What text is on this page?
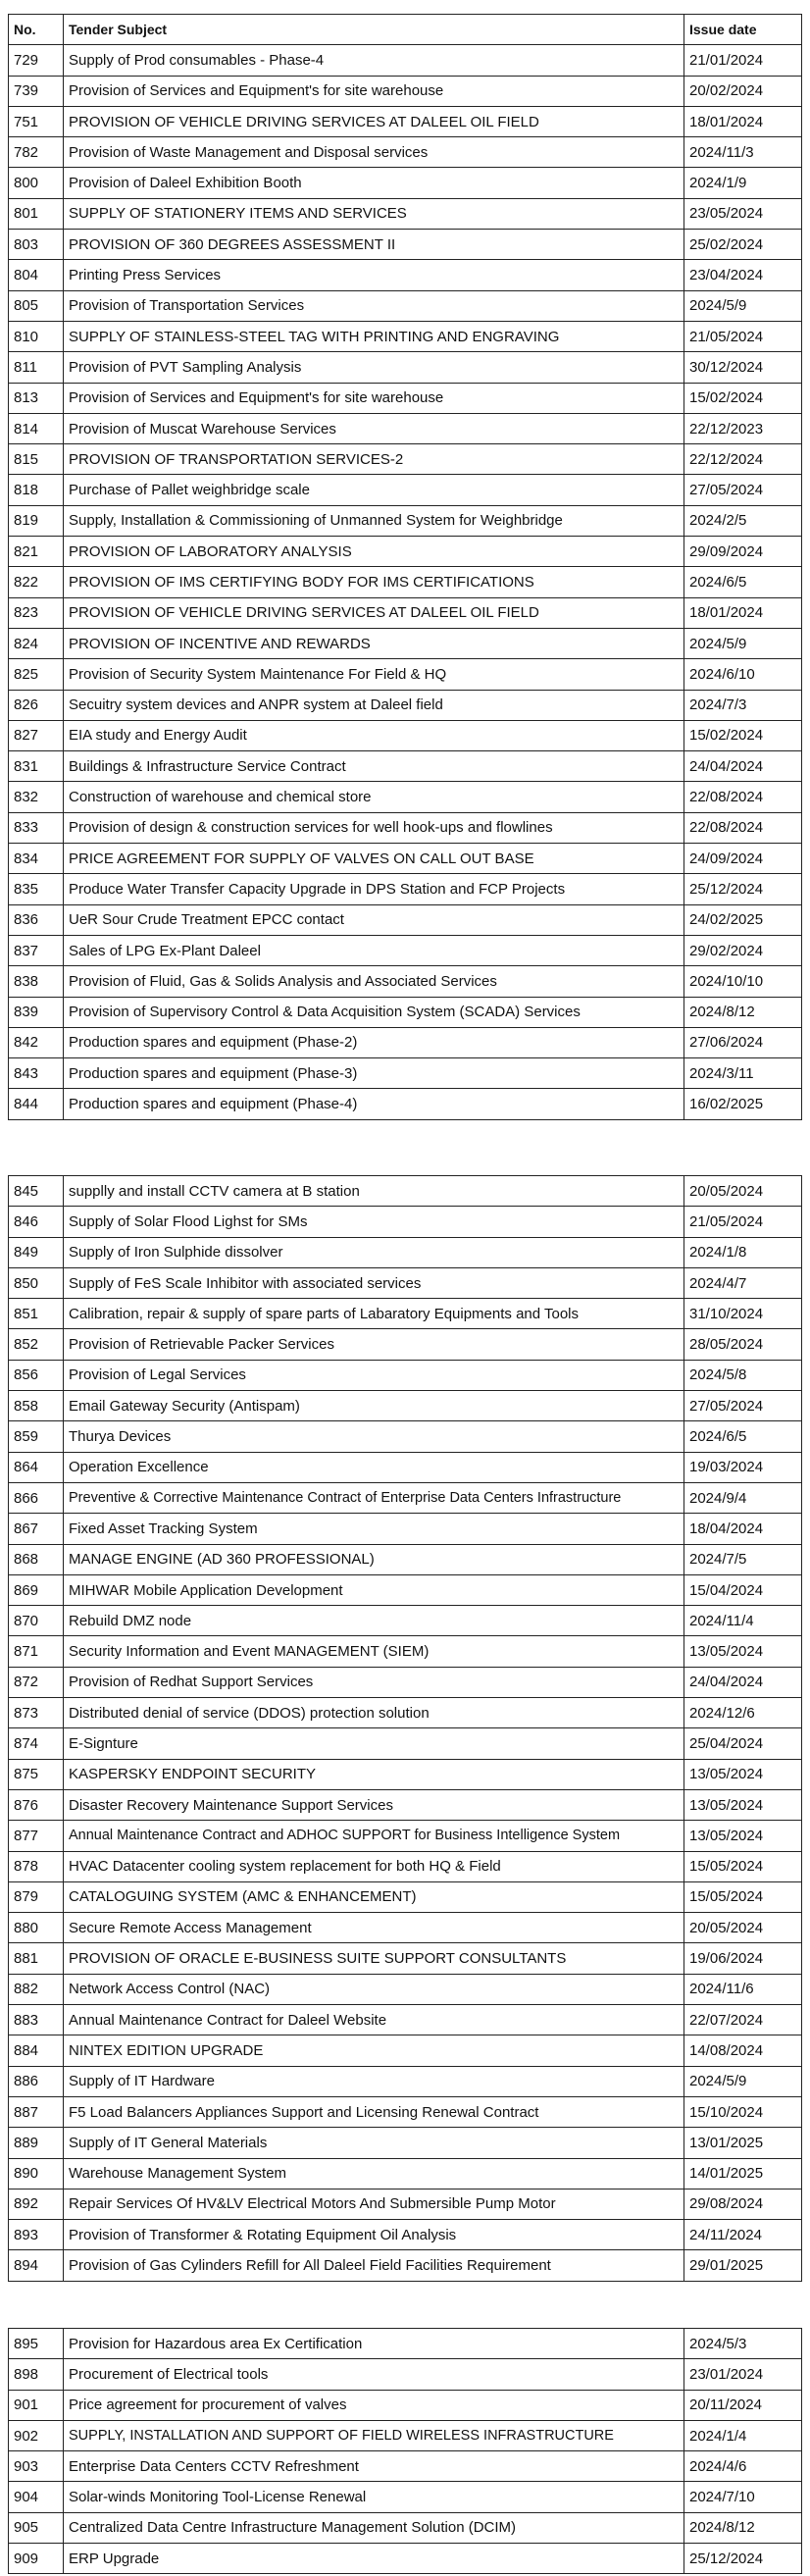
No.	Tender Subject	Issue date
729	Supply of Prod consumables - Phase-4	21/01/2024
739	Provision of Services and Equipment's for site warehouse	20/02/2024
751	PROVISION OF VEHICLE DRIVING SERVICES AT DALEEL OIL FIELD	18/01/2024
782	Provision of Waste Management and Disposal services	2024/11/3
800	Provision of Daleel Exhibition Booth	2024/1/9
801	SUPPLY OF STATIONERY ITEMS AND SERVICES	23/05/2024
803	PROVISION OF 360 DEGREES ASSESSMENT II	25/02/2024
804	Printing Press Services	23/04/2024
805	Provision of Transportation Services	2024/5/9
810	SUPPLY OF STAINLESS-STEEL TAG WITH PRINTING AND ENGRAVING	21/05/2024
811	Provision of PVT Sampling Analysis	30/12/2024
813	Provision of Services and Equipment's for site warehouse	15/02/2024
814	Provision of Muscat Warehouse Services	22/12/2023
815	PROVISION OF TRANSPORTATION SERVICES-2	22/12/2024
818	Purchase of Pallet weighbridge scale	27/05/2024
819	Supply, Installation & Commissioning of Unmanned System for Weighbridge	2024/2/5
821	PROVISION OF LABORATORY ANALYSIS	29/09/2024
822	PROVISION OF IMS CERTIFYING BODY FOR IMS CERTIFICATIONS	2024/6/5
823	PROVISION OF VEHICLE DRIVING SERVICES AT DALEEL OIL FIELD	18/01/2024
824	PROVISION OF INCENTIVE AND REWARDS	2024/5/9
825	Provision of Security System Maintenance For Field & HQ	2024/6/10
826	Secuitry system devices and ANPR system at Daleel field	2024/7/3
827	EIA study and Energy Audit	15/02/2024
831	Buildings & Infrastructure Service Contract	24/04/2024
832	Construction of warehouse and chemical store	22/08/2024
833	Provision of design & construction services for well hook-ups and flowlines	22/08/2024
834	PRICE AGREEMENT FOR SUPPLY OF VALVES ON CALL OUT BASE	24/09/2024
835	Produce Water Transfer Capacity Upgrade in DPS Station and FCP Projects	25/12/2024
836	UeR Sour Crude Treatment EPCC contact	24/02/2025
837	Sales of LPG Ex-Plant Daleel	29/02/2024
838	Provision of Fluid, Gas & Solids Analysis and Associated Services	2024/10/10
839	Provision of Supervisory Control & Data Acquisition System (SCADA) Services	2024/8/12
842	Production spares and equipment (Phase-2)	27/06/2024
843	Production spares and equipment (Phase-3)	2024/3/11
844	Production spares and equipment (Phase-4)	16/02/2025
845	supplly and install CCTV camera at B station	20/05/2024
846	Supply of Solar Flood Lighst for SMs	21/05/2024
849	Supply of Iron Sulphide dissolver	2024/1/8
850	Supply of FeS Scale Inhibitor with associated services	2024/4/7
851	Calibration, repair & supply of spare parts of Labaratory Equipments and Tools	31/10/2024
852	Provision of Retrievable Packer Services	28/05/2024
856	Provision of Legal Services	2024/5/8
858	Email Gateway Security (Antispam)	27/05/2024
859	Thurya Devices	2024/6/5
864	Operation Excellence	19/03/2024
866	Preventive & Corrective Maintenance Contract of Enterprise Data Centers Infrastructure	2024/9/4
867	Fixed Asset Tracking System	18/04/2024
868	MANAGE ENGINE (AD 360 PROFESSIONAL)	2024/7/5
869	MIHWAR Mobile Application Development	15/04/2024
870	Rebuild DMZ node	2024/11/4
871	Security Information and Event MANAGEMENT (SIEM)	13/05/2024
872	Provision of Redhat Support Services	24/04/2024
873	Distributed denial of service (DDOS) protection solution	2024/12/6
874	E-Signture	25/04/2024
875	KASPERSKY ENDPOINT SECURITY	13/05/2024
876	Disaster Recovery Maintenance Support Services	13/05/2024
877	Annual Maintenance Contract and ADHOC SUPPORT for Business Intelligence System	13/05/2024
878	HVAC Datacenter cooling system replacement for both HQ & Field	15/05/2024
879	CATALOGUING SYSTEM (AMC & ENHANCEMENT)	15/05/2024
880	Secure Remote Access Management	20/05/2024
881	PROVISION OF ORACLE E-BUSINESS SUITE SUPPORT CONSULTANTS	19/06/2024
882	Network Access Control (NAC)	2024/11/6
883	Annual Maintenance Contract for Daleel Website	22/07/2024
884	NINTEX EDITION UPGRADE	14/08/2024
886	Supply of IT Hardware	2024/5/9
887	F5 Load Balancers Appliances Support and Licensing Renewal Contract	15/10/2024
889	Supply of IT General Materials	13/01/2025
890	Warehouse Management System	14/01/2025
892	Repair Services Of HV&LV Electrical Motors And Submersible Pump Motor	29/08/2024
893	Provision of Transformer & Rotating Equipment Oil Analysis	24/11/2024
894	Provision of Gas Cylinders Refill for All Daleel Field Facilities Requirement	29/01/2025
895	Provision for Hazardous area Ex Certification	2024/5/3
898	Procurement of Electrical tools	23/01/2024
901	Price agreement for procurement of valves	20/11/2024
902	SUPPLY, INSTALLATION AND SUPPORT OF FIELD WIRELESS INFRASTRUCTURE	2024/1/4
903	Enterprise Data Centers CCTV Refreshment	2024/4/6
904	Solar-winds Monitoring Tool-License Renewal	2024/7/10
905	Centralized Data Centre Infrastructure Management Solution (DCIM)	2024/8/12
909	ERP Upgrade	25/12/2024
